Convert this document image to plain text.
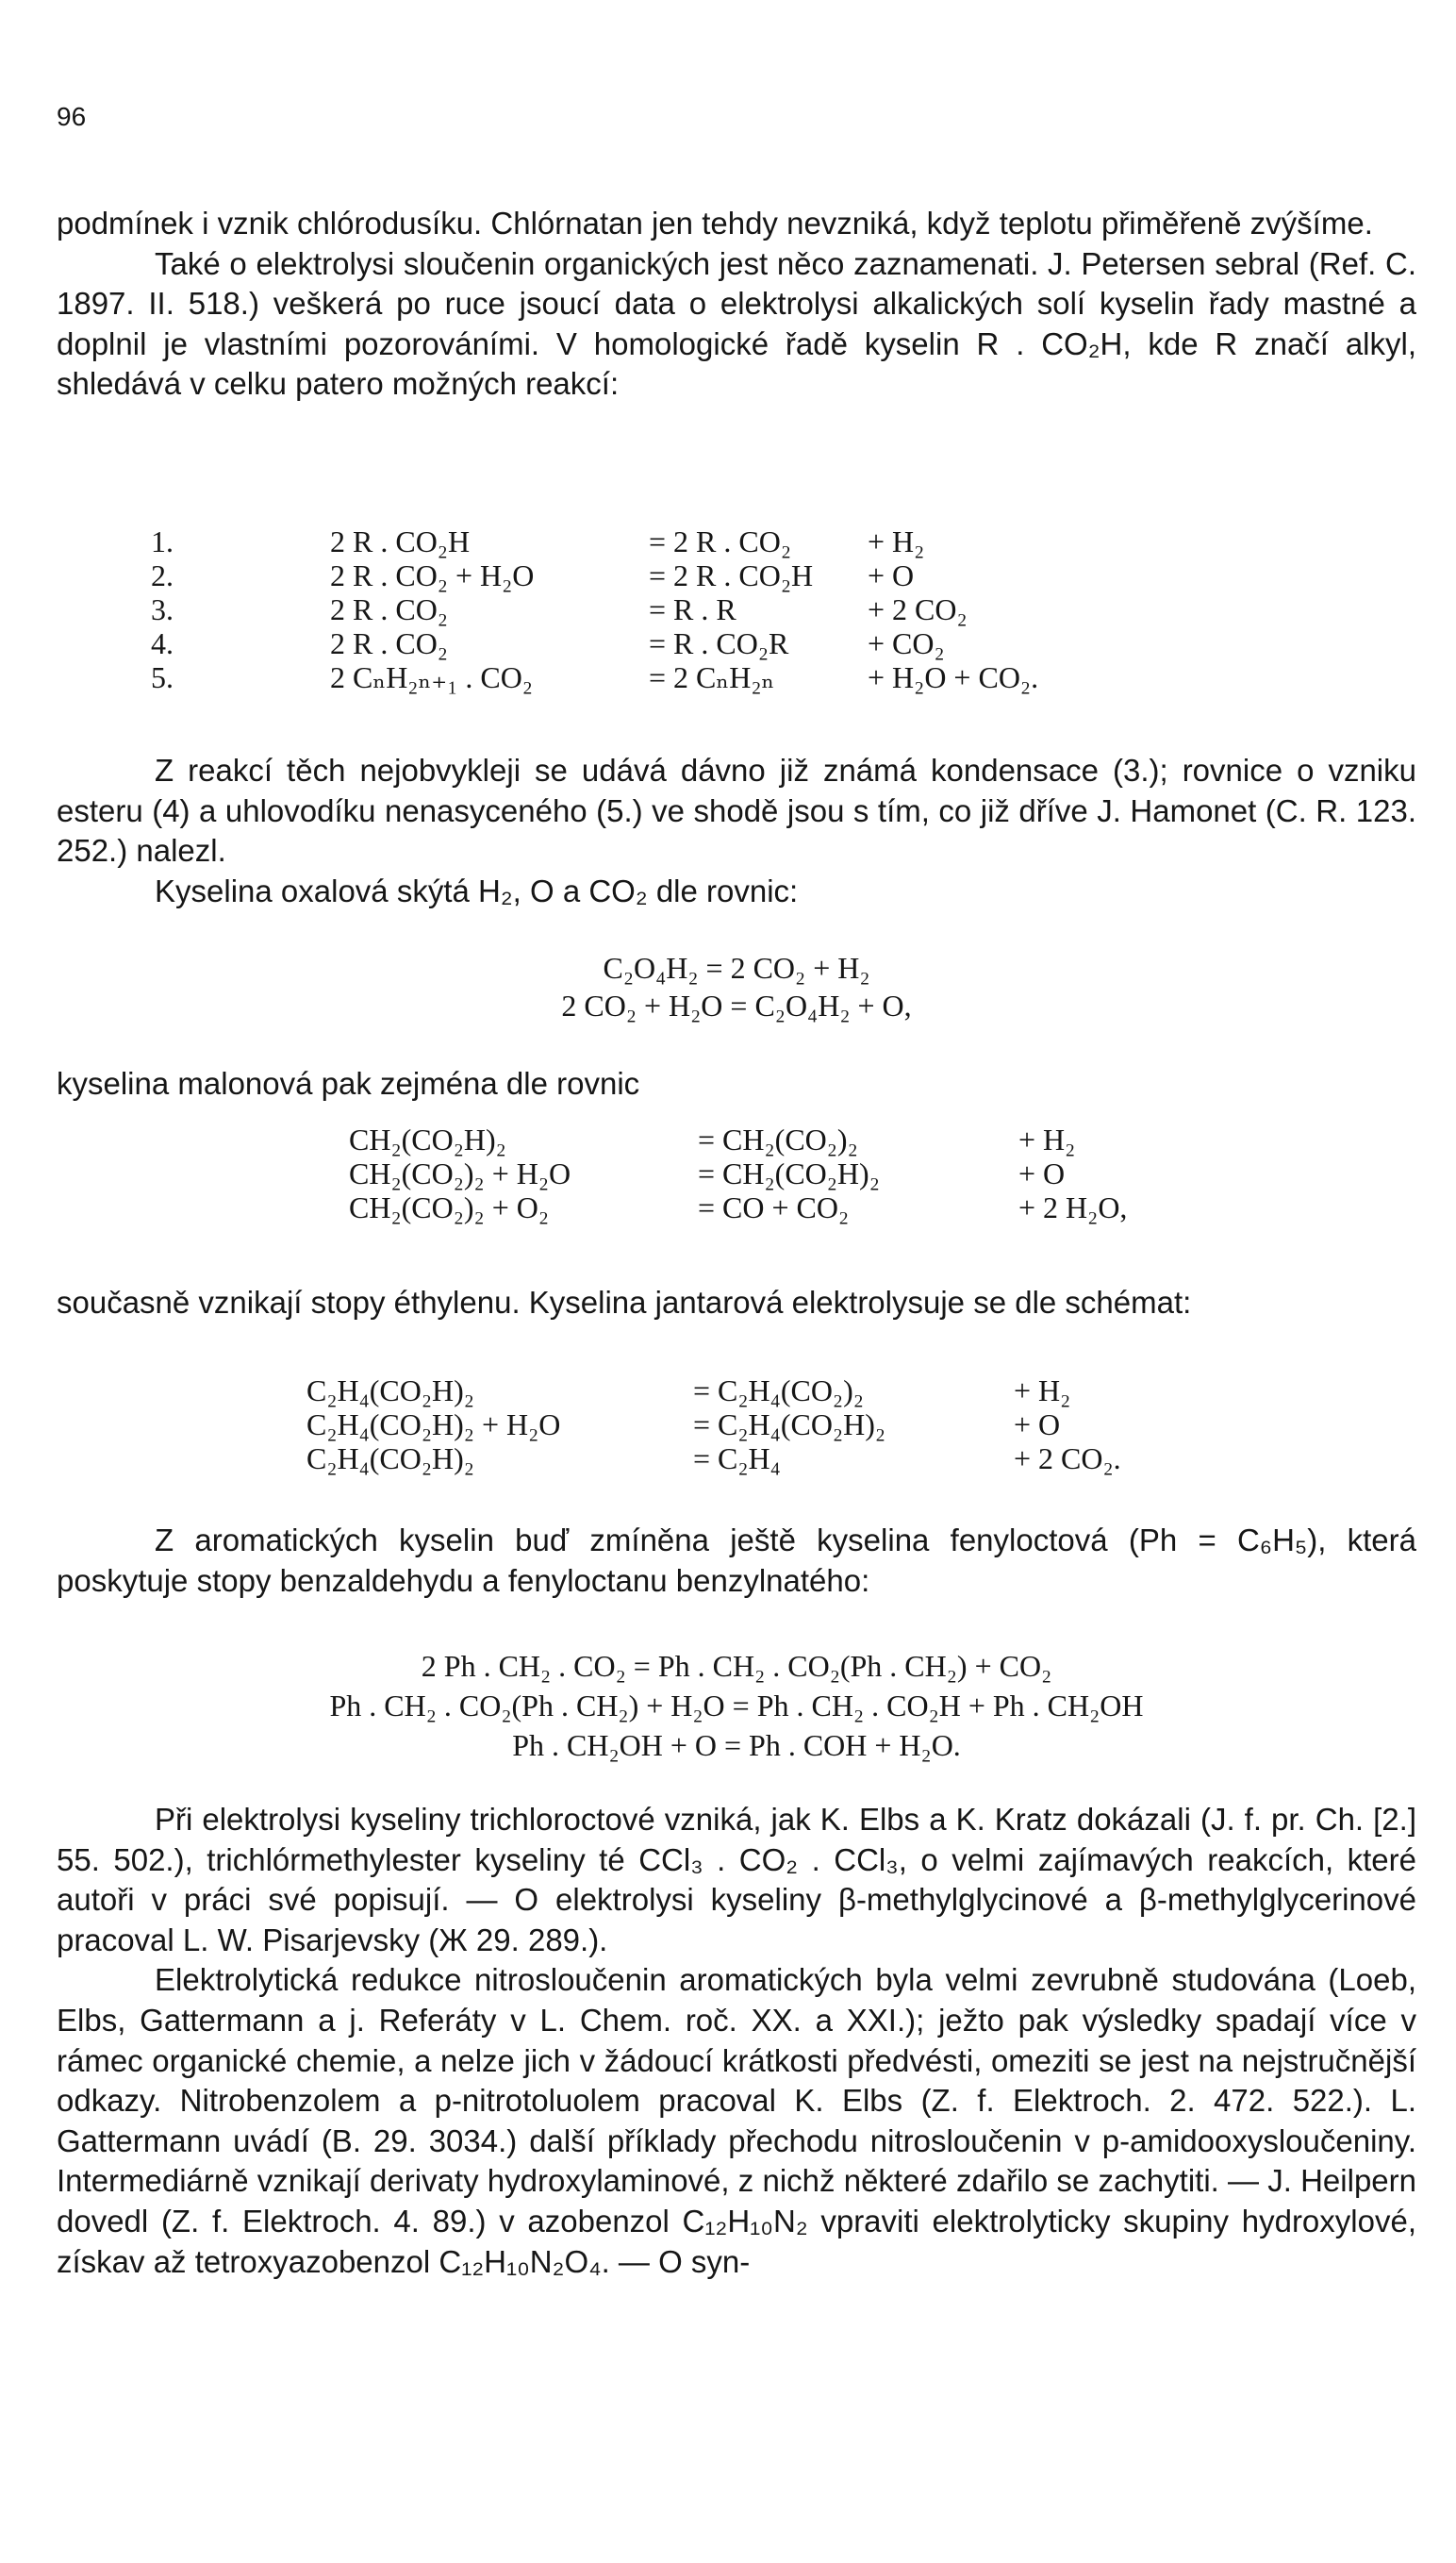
96

podmínek i vznik chlórodusíku. Chlórnatan jen tehdy nevzniká, když teplotu přiměřeně zvýšíme.

Také o elektrolysi sloučenin organických jest něco zaznamenati. J. Petersen sebral (Ref. C. 1897. II. 518.) veškerá po ruce jsoucí data o elektrolysi alkalických solí kyselin řady mastné a doplnil je vlastními pozorováními. V homologické řadě kyselin R . CO₂H, kde R značí alkyl, shledává v celku patero možných reakcí:

1.	2 R . CO₂H	= 2 R . CO₂	+ H₂
2.	2 R . CO₂ + H₂O	= 2 R . CO₂H + O
3.	2 R . CO₂	= R . R	+ 2 CO₂
4.	2 R . CO₂	= R . CO₂R	+ CO₂
5.	2 CₙH₂ₙ₊₁ . CO₂	= 2 CₙH₂ₙ	+ H₂O + CO₂.

Z reakcí těch nejobvykleji se udává dávno již známá kondensace (3.); rovnice o vzniku esteru (4) a uhlovodíku nenasyceného (5.) ve shodě jsou s tím, co již dříve J. Hamonet (C. R. 123. 252.) nalezl.

Kyselina oxalová skýtá H₂, O a CO₂ dle rovnic:

C₂O₄H₂ = 2 CO₂ + H₂
2 CO₂ + H₂O = C₂O₄H₂ + O,

kyselina malonová pak zejména dle rovnic

CH₂(CO₂H)₂	= CH₂(CO₂)₂	+ H₂
CH₂(CO₂)₂ + H₂O	= CH₂(CO₂H)₂	+ O
CH₂(CO₂)₂ + O₂	= CO + CO₂	+ 2 H₂O,

současně vznikají stopy éthylenu. Kyselina jantarová elektrolysuje se dle schémat:

C₂H₄(CO₂H)₂	= C₂H₄(CO₂)₂	+ H₂
C₂H₄(CO₂H)₂ + H₂O	= C₂H₄(CO₂H)₂	+ O
C₂H₄(CO₂H)₂	= C₂H₄	+ 2 CO₂.

Z aromatických kyselin buď zmíněna ještě kyselina fenyloctová (Ph = C₆H₅), která poskytuje stopy benzaldehydu a fenyloctanu benzylnatého:

2 Ph . CH₂ . CO₂ = Ph . CH₂ . CO₂(Ph . CH₂) + CO₂
Ph . CH₂ . CO₂(Ph . CH₂) + H₂O = Ph . CH₂ . CO₂H + Ph . CH₂OH
Ph . CH₂OH + O = Ph . COH + H₂O.

Při elektrolysi kyseliny trichloroctové vzniká, jak K. Elbs a K. Kratz dokázali (J. f. pr. Ch. [2.] 55. 502.), trichlórmethylester kyseliny té CCl₃ . CO₂ . CCl₃, o velmi zajímavých reakcích, které autoři v práci své popisují. — O elektrolysi kyseliny β-methylglycinové a β-methylglycerinové pracoval L. W. Pisarjevsky (Ж 29. 289.).

Elektrolytická redukce nitrosloučenin aromatických byla velmi zevrubně studována (Loeb, Elbs, Gattermann a j. Referáty v L. Chem. roč. XX. a XXI.); ježto pak výsledky spadají více v rámec organické chemie, a nelze jich v žádoucí krátkosti předvésti, omeziti se jest na nejstručnější odkazy. Nitrobenzolem a p-nitrotoluolem pracoval K. Elbs (Z. f. Elektroch. 2. 472. 522.). L. Gattermann uvádí (B. 29. 3034.) další příklady přechodu nitrosloučenin v p-amidooxysloučeniny. Intermediárně vznikají derivaty hydroxylaminové, z nichž některé zdařilo se zachytiti. — J. Heilpern dovedl (Z. f. Elektroch. 4. 89.) v azobenzol C₁₂H₁₀N₂ vpraviti elektrolyticky skupiny hydroxylové, získav až tetroxyazobenzol C₁₂H₁₀N₂O₄. — O syn-
